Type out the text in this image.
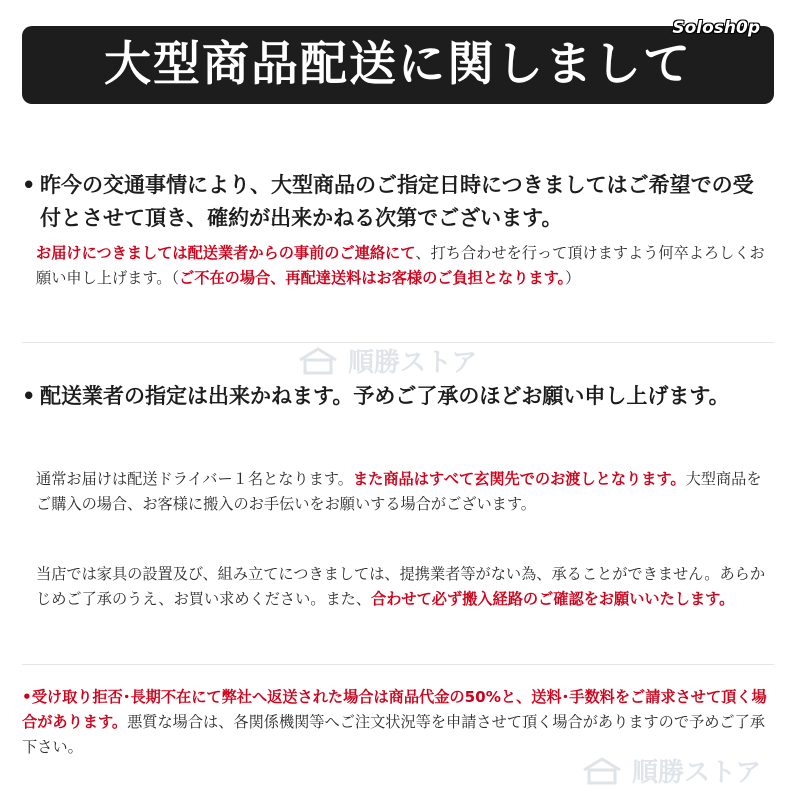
大型商品配送に関しまして
Solosh0p
• 昨今の交通事情により、大型商品のご指定日時につきましてはご希望での受付とさせて頂き、確約が出来かねる次第でございます。
お届けにつきましては配送業者からの事前のご連絡にて、打ち合わせを行って頂けますよう何卒よろしくお願い申し上げます。（ご不在の場合、再配達送料はお客様のご負担となります。）
順勝ストア
• 配送業者の指定は出来かねます。予めご了承のほどお願い申し上げます。
通常お届けは配送ドライバー１名となります。また商品はすべて玄関先でのお渡しとなります。大型商品をご購入の場合、お客様に搬入のお手伝いをお願いする場合がございます。
当店では家具の設置及び、組み立てにつきましては、提携業者等がない為、承ることができません。あらかじめご了承のうえ、お買い求めください。また、合わせて必ず搬入経路のご確認をお願いいたします。
•受け取り拒否･長期不在にて弊社へ返送された場合は商品代金の50%と、送料･手数料をご請求させて頂く場合があります。悪質な場合は、各関係機関等へご注文状況等を申請させて頂く場合がありますので予めご了承下さい。
順勝ストア
